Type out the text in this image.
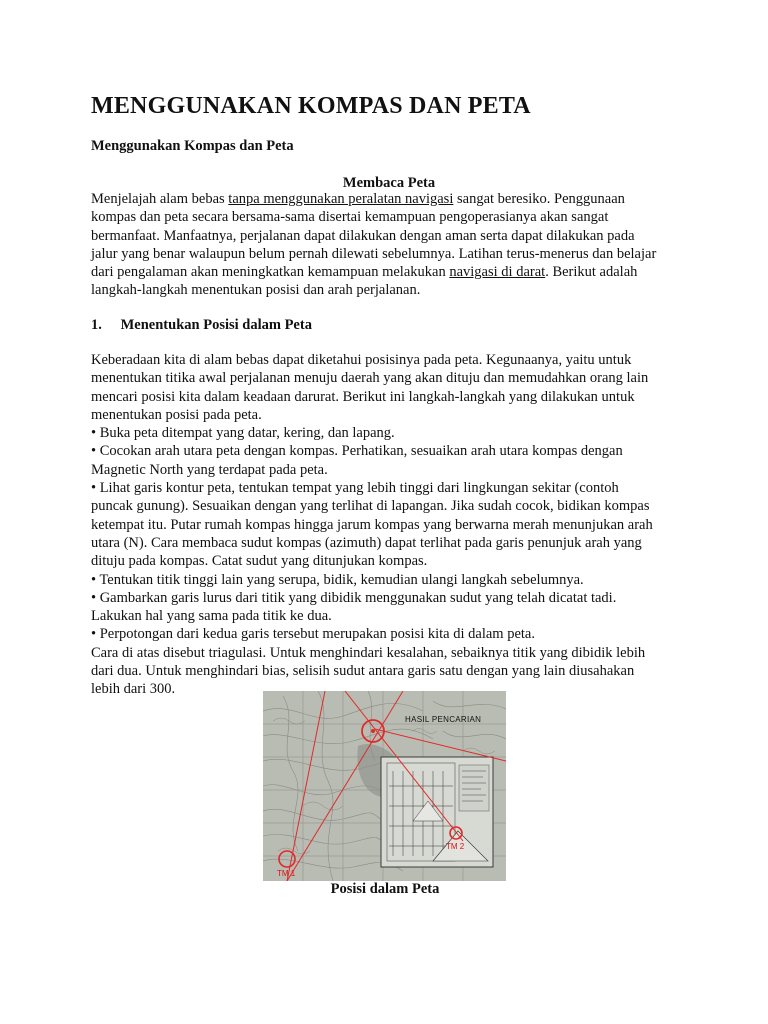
MENGGUNAKAN KOMPAS DAN PETA
Menggunakan Kompas dan Peta
Membaca Peta
Menjelajah alam bebas tanpa menggunakan peralatan navigasi sangat beresiko. Penggunaan
kompas dan peta secara bersama-sama disertai kemampuan pengoperasianya akan sangat
bermanfaat. Manfaatnya, perjalanan dapat dilakukan dengan aman serta dapat dilakukan pada
jalur yang benar walaupun belum pernah dilewati sebelumnya. Latihan terus-menerus dan belajar
dari pengalaman akan meningkatkan kemampuan melakukan navigasi di darat. Berikut adalah
langkah-langkah menentukan posisi dan arah perjalanan.
1. Menentukan Posisi dalam Peta
Keberadaan kita di alam bebas dapat diketahui posisinya pada peta. Kegunaanya, yaitu untuk
menentukan titika awal perjalanan menuju daerah yang akan dituju dan memudahkan orang lain
mencari posisi kita dalam keadaan darurat. Berikut ini langkah-langkah yang dilakukan untuk
menentukan posisi pada peta.
• Buka peta ditempat yang datar, kering, dan lapang.
• Cocokan arah utara peta dengan kompas. Perhatikan, sesuaikan arah utara kompas dengan
Magnetic North yang terdapat pada peta.
• Lihat garis kontur peta, tentukan tempat yang lebih tinggi dari lingkungan sekitar (contoh
puncak gunung). Sesuaikan dengan yang terlihat di lapangan. Jika sudah cocok, bidikan kompas
ketempat itu. Putar rumah kompas hingga jarum kompas yang berwarna merah menunjukan arah
utara (N). Cara membaca sudut kompas (azimuth) dapat terlihat pada garis penunjuk arah yang
dituju pada kompas. Catat sudut yang ditunjukan kompas.
• Tentukan titik tinggi lain yang serupa, bidik, kemudian ulangi langkah sebelumnya.
• Gambarkan garis lurus dari titik yang dibidik menggunakan sudut yang telah dicatat tadi.
Lakukan hal yang sama pada titik ke dua.
• Perpotongan dari kedua garis tersebut merupakan posisi kita di dalam peta.
Cara di atas disebut triagulasi. Untuk menghindari kesalahan, sebaiknya titik yang dibidik lebih
dari dua. Untuk menghindari bias, selisih sudut antara garis satu dengan yang lain diusahakan
lebih dari 300.
Posisi dalam Peta
HASIL PENCARIAN
TM 1
TM 2
